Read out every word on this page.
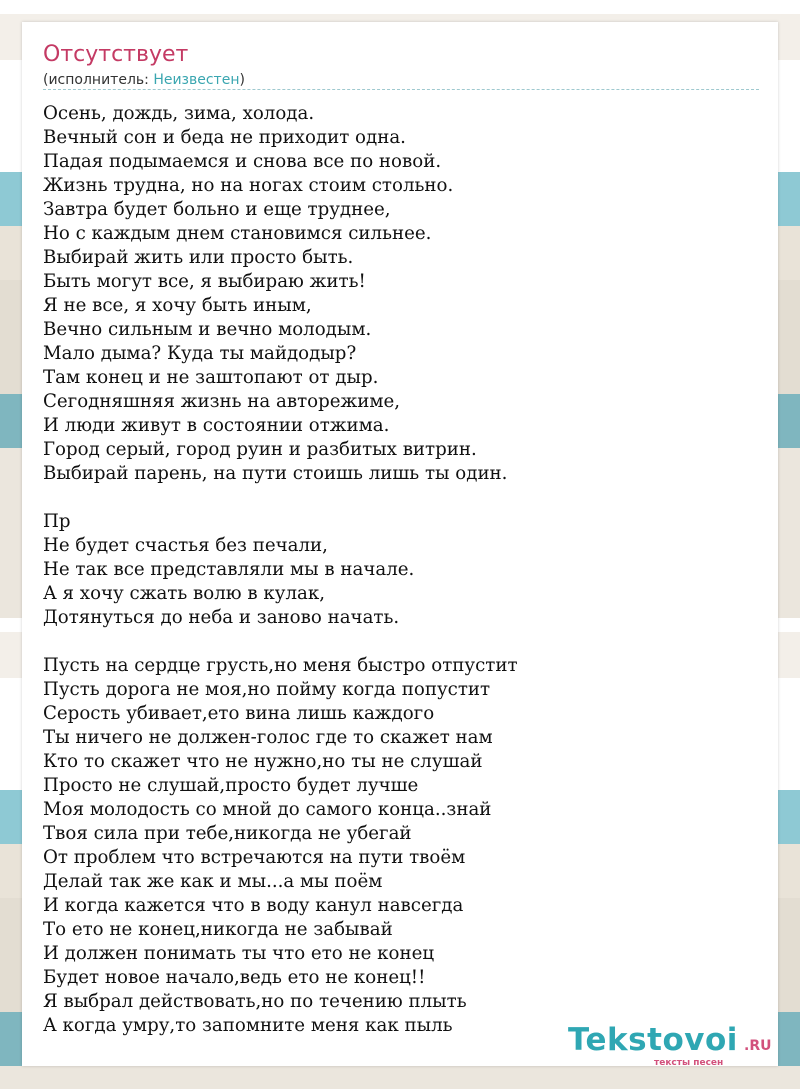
Отсутствует
(исполнитель: Неизвестен)
Осень, дождь, зима, холода.
Вечный сон и беда не приходит одна.
Падая подымаемся и снова все по новой.
Жизнь трудна, но на ногах стоим стольно.
Завтра будет больно и еще труднее,
Но с каждым днем становимся сильнее.
Выбирай жить или просто быть.
Быть могут все, я выбираю жить!
Я не все, я хочу быть иным,
Вечно сильным и вечно молодым.
Мало дыма? Куда ты майдодыр?
Там конец и не заштопают от дыр.
Сегодняшняя жизнь на авторежиме,
И люди живут в состоянии отжима.
Город серый, город руин и разбитых витрин.
Выбирай парень, на пути стоишь лишь ты один.
Пр
Не будет счастья без печали,
Не так все представляли мы в начале.
А я хочу сжать волю в кулак,
Дотянуться до неба и заново начать.
Пусть на сердце грусть,но меня быстро отпустит
Пусть дорога не моя,но пойму когда попустит
Серость убивает,ето вина лишь каждого
Ты ничего не должен-голос где то скажет нам
Кто то скажет что не нужно,но ты не слушай
Просто не слушай,просто будет лучше
Моя молодость со мной до самого конца..знай
Твоя сила при тебе,никогда не убегай
От проблем что встречаются на пути твоём
Делай так же как и мы...а мы поём
И когда кажется что в воду канул навсегда
То ето не конец,никогда не забывай
И должен понимать ты что ето не конец
Будет новое начало,ведь ето не конец!!
Я выбрал действовать,но по течению плыть
А когда умру,то запомните меня как пыль	Tekstovoi .RU
тексты песен
